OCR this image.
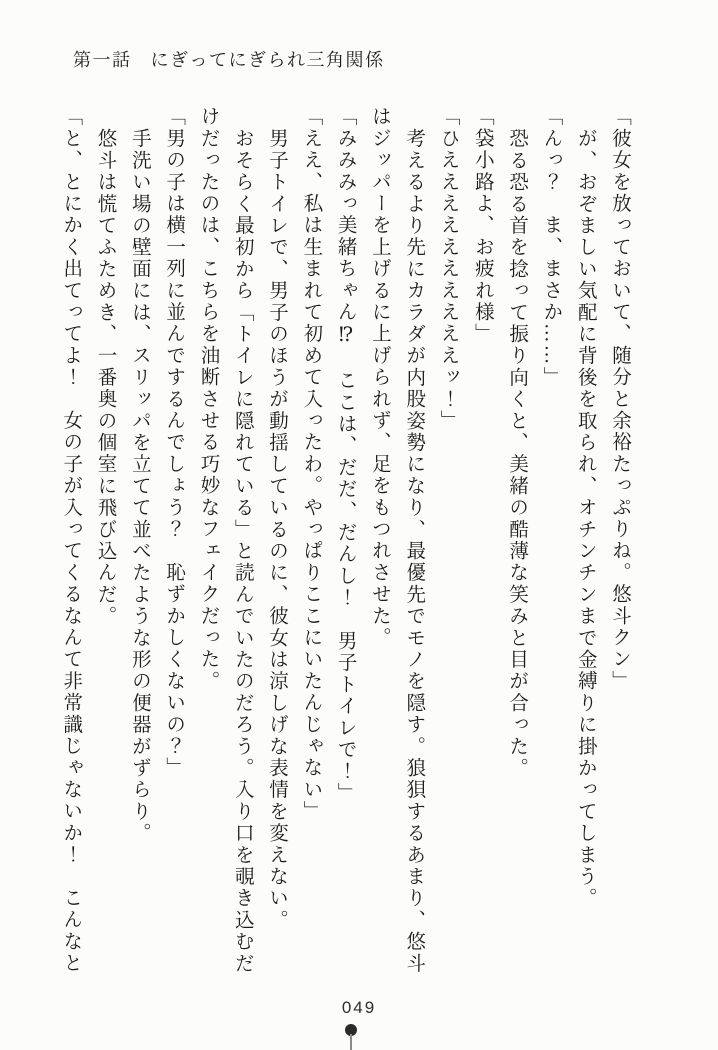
第一話 にぎってにぎられ三角関係

「彼女を放っておいて、随分と余裕たっぷりね。悠斗クン」

が、おぞましい気配に背後を取られ、オチンチンまで金縛りに掛かってしまう。

「んっ？　ま、まさか……」

恐る恐る首を捻って振り向くと、美緒の酷薄な笑みと目が合った。

「袋小路よ、お疲れ様」

「ひええええええええええッ！」

考えるより先にカラダが内股姿勢になり、最優先でモノを隠す。狼狽するあまり、悠斗はジッパーを上げるに上げられず、足をもつれさせた。

「みみみっ美緒ちゃん⁉　ここは、だだ、だんし！　男子トイレで！」

「ええ、私は生まれて初めて入ったわ。やっぱりここにいたんじゃない」

男子トイレで、男子のほうが動揺しているのに、彼女は涼しげな表情を変えない。

おそらく最初から「トイレに隠れている」と読んでいたのだろう。入り口を覗き込むだけだったのは、こちらを油断させる巧妙なフェイクだった。

「男の子は横一列に並んでするんでしょう？　恥ずかしくないの？」

手洗い場の壁面には、スリッパを立てて並べたような形の便器がずらり。

悠斗は慌てふためき、一番奥の個室に飛び込んだ。

「と、とにかく出てってよ！　女の子が入ってくるなんて非常識じゃないか！　こんなと

049
